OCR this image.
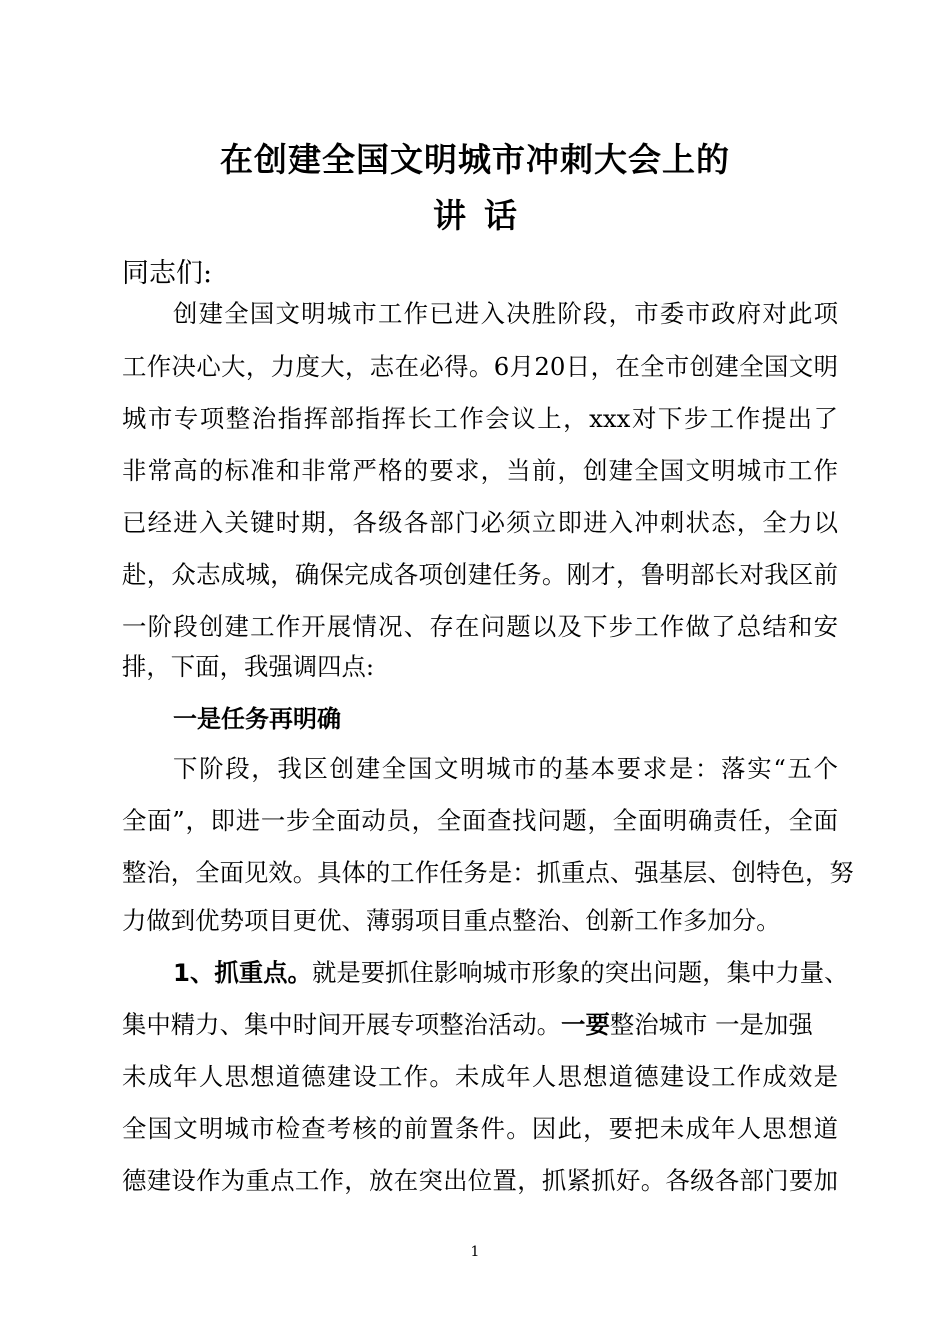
在创建全国文明城市冲刺大会上的
讲话
同志们:
创建全国文明城市工作已进入决胜阶段，市委市政府对此项
工作决心大，力度大，志在必得。6月20日，在全市创建全国文明
城市专项整治指挥部指挥长工作会议上，xxx对下步工作提出了
非常高的标准和非常严格的要求，当前，创建全国文明城市工作
已经进入关键时期，各级各部门必须立即进入冲刺状态，全力以
赴，众志成城，确保完成各项创建任务。刚才，鲁明部长对我区前
一阶段创建工作开展情况、存在问题以及下步工作做了总结和安
排，下面，我强调四点:
一是任务再明确
下阶段，我区创建全国文明城市的基本要求是：落实“五个
全面”，即进一步全面动员，全面查找问题，全面明确责任，全面
整治，全面见效。具体的工作任务是：抓重点、强基层、创特色，努
力做到优势项目更优、薄弱项目重点整治、创新工作多加分。
1、抓重点。就是要抓住影响城市形象的突出问题，集中力量、
集中精力、集中时间开展专项整治活动。一要整治城市 一是加强
未成年人思想道德建设工作。未成年人思想道德建设工作成效是
全国文明城市检查考核的前置条件。因此，要把未成年人思想道
德建设作为重点工作，放在突出位置，抓紧抓好。各级各部门要加
1
